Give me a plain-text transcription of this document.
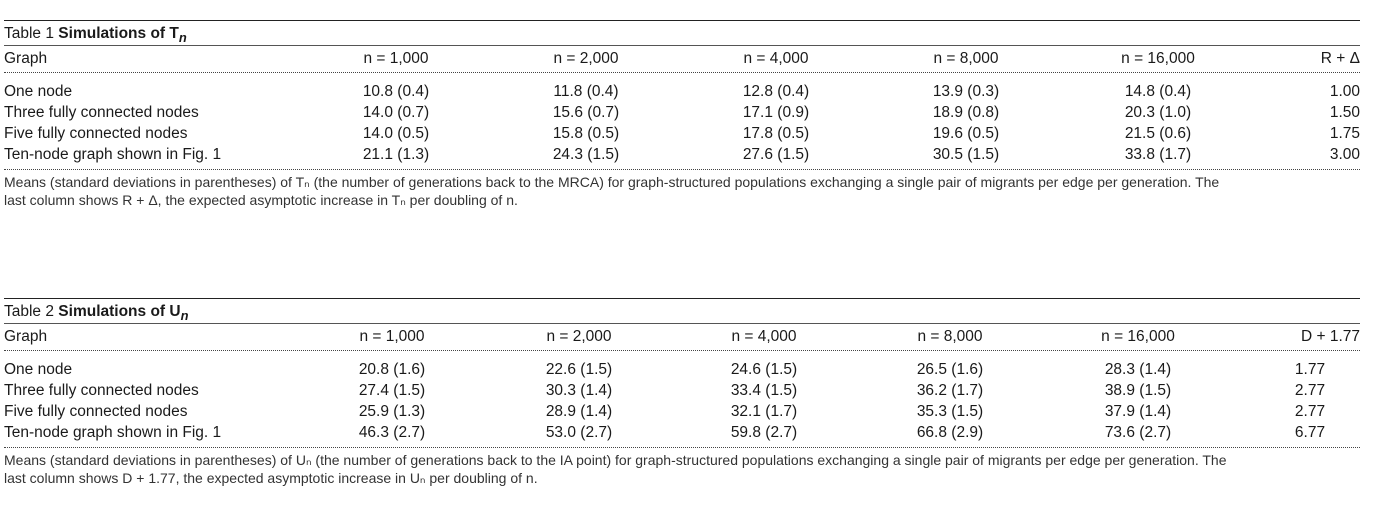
Table 1 Simulations of $T_n$
Graph	n = 1,000	n = 2,000	n = 4,000	n = 8,000	n = 16,000	R + Δ
One node	10.8 (0.4)	11.8 (0.4)	12.8 (0.4)	13.9 (0.3)	14.8 (0.4)	1.00
Three fully connected nodes	14.0 (0.7)	15.6 (0.7)	17.1 (0.9)	18.9 (0.8)	20.3 (1.0)	1.50
Five fully connected nodes	14.0 (0.5)	15.8 (0.5)	17.8 (0.5)	19.6 (0.5)	21.5 (0.6)	1.75
Ten-node graph shown in Fig. 1	21.1 (1.3)	24.3 (1.5)	27.6 (1.5)	30.5 (1.5)	33.8 (1.7)	3.00
Means (standard deviations in parentheses) of Tₙ (the number of generations back to the MRCA) for graph-structured populations exchanging a single pair of migrants per edge per generation. The
last column shows R + Δ, the expected asymptotic increase in Tₙ per doubling of n.
Table 2 Simulations of $U_n$
Graph	n = 1,000	n = 2,000	n = 4,000	n = 8,000	n = 16,000	D + 1.77
One node	20.8 (1.6)	22.6 (1.5)	24.6 (1.5)	26.5 (1.6)	28.3 (1.4)	1.77
Three fully connected nodes	27.4 (1.5)	30.3 (1.4)	33.4 (1.5)	36.2 (1.7)	38.9 (1.5)	2.77
Five fully connected nodes	25.9 (1.3)	28.9 (1.4)	32.1 (1.7)	35.3 (1.5)	37.9 (1.4)	2.77
Ten-node graph shown in Fig. 1	46.3 (2.7)	53.0 (2.7)	59.8 (2.7)	66.8 (2.9)	73.6 (2.7)	6.77
Means (standard deviations in parentheses) of Uₙ (the number of generations back to the IA point) for graph-structured populations exchanging a single pair of migrants per edge per generation. The
last column shows D + 1.77, the expected asymptotic increase in Uₙ per doubling of n.
